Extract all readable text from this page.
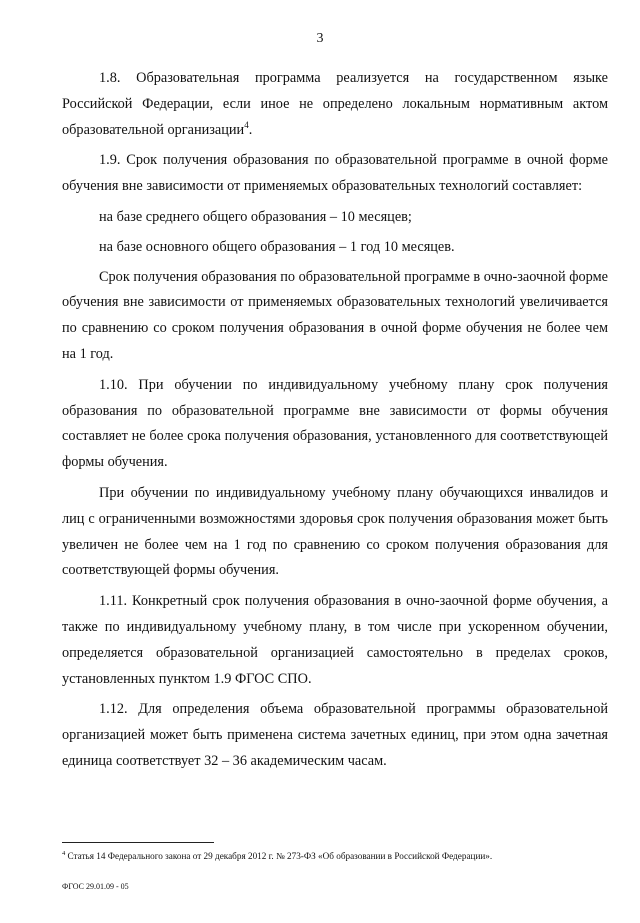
3

1.8. Образовательная программа реализуется на государственном языке Российской Федерации, если иное не определено локальным нормативным актом образовательной организации$^4$.

1.9. Срок получения образования по образовательной программе в очной форме обучения вне зависимости от применяемых образовательных технологий составляет:

на базе среднего общего образования – 10 месяцев;

на базе основного общего образования – 1 год 10 месяцев.

Срок получения образования по образовательной программе в очно-заочной форме обучения вне зависимости от применяемых образовательных технологий увеличивается по сравнению со сроком получения образования в очной форме обучения не более чем на 1 год.

1.10. При обучении по индивидуальному учебному плану срок получения образования по образовательной программе вне зависимости от формы обучения составляет не более срока получения образования, установленного для соответствующей формы обучения.

При обучении по индивидуальному учебному плану обучающихся инвалидов и лиц с ограниченными возможностями здоровья срок получения образования может быть увеличен не более чем на 1 год по сравнению со сроком получения образования для соответствующей формы обучения.

1.11. Конкретный срок получения образования в очно-заочной форме обучения, а также по индивидуальному учебному плану, в том числе при ускоренном обучении, определяется образовательной организацией самостоятельно в пределах сроков, установленных пунктом 1.9 ФГОС СПО.

1.12. Для определения объема образовательной программы образовательной организацией может быть применена система зачетных единиц, при этом одна зачетная единица соответствует 32 – 36 академическим часам.

$^4$ Статья 14 Федерального закона от 29 декабря 2012 г. № 273-ФЗ «Об образовании в Российской Федерации».
ФГОС 29.01.09 - 05
